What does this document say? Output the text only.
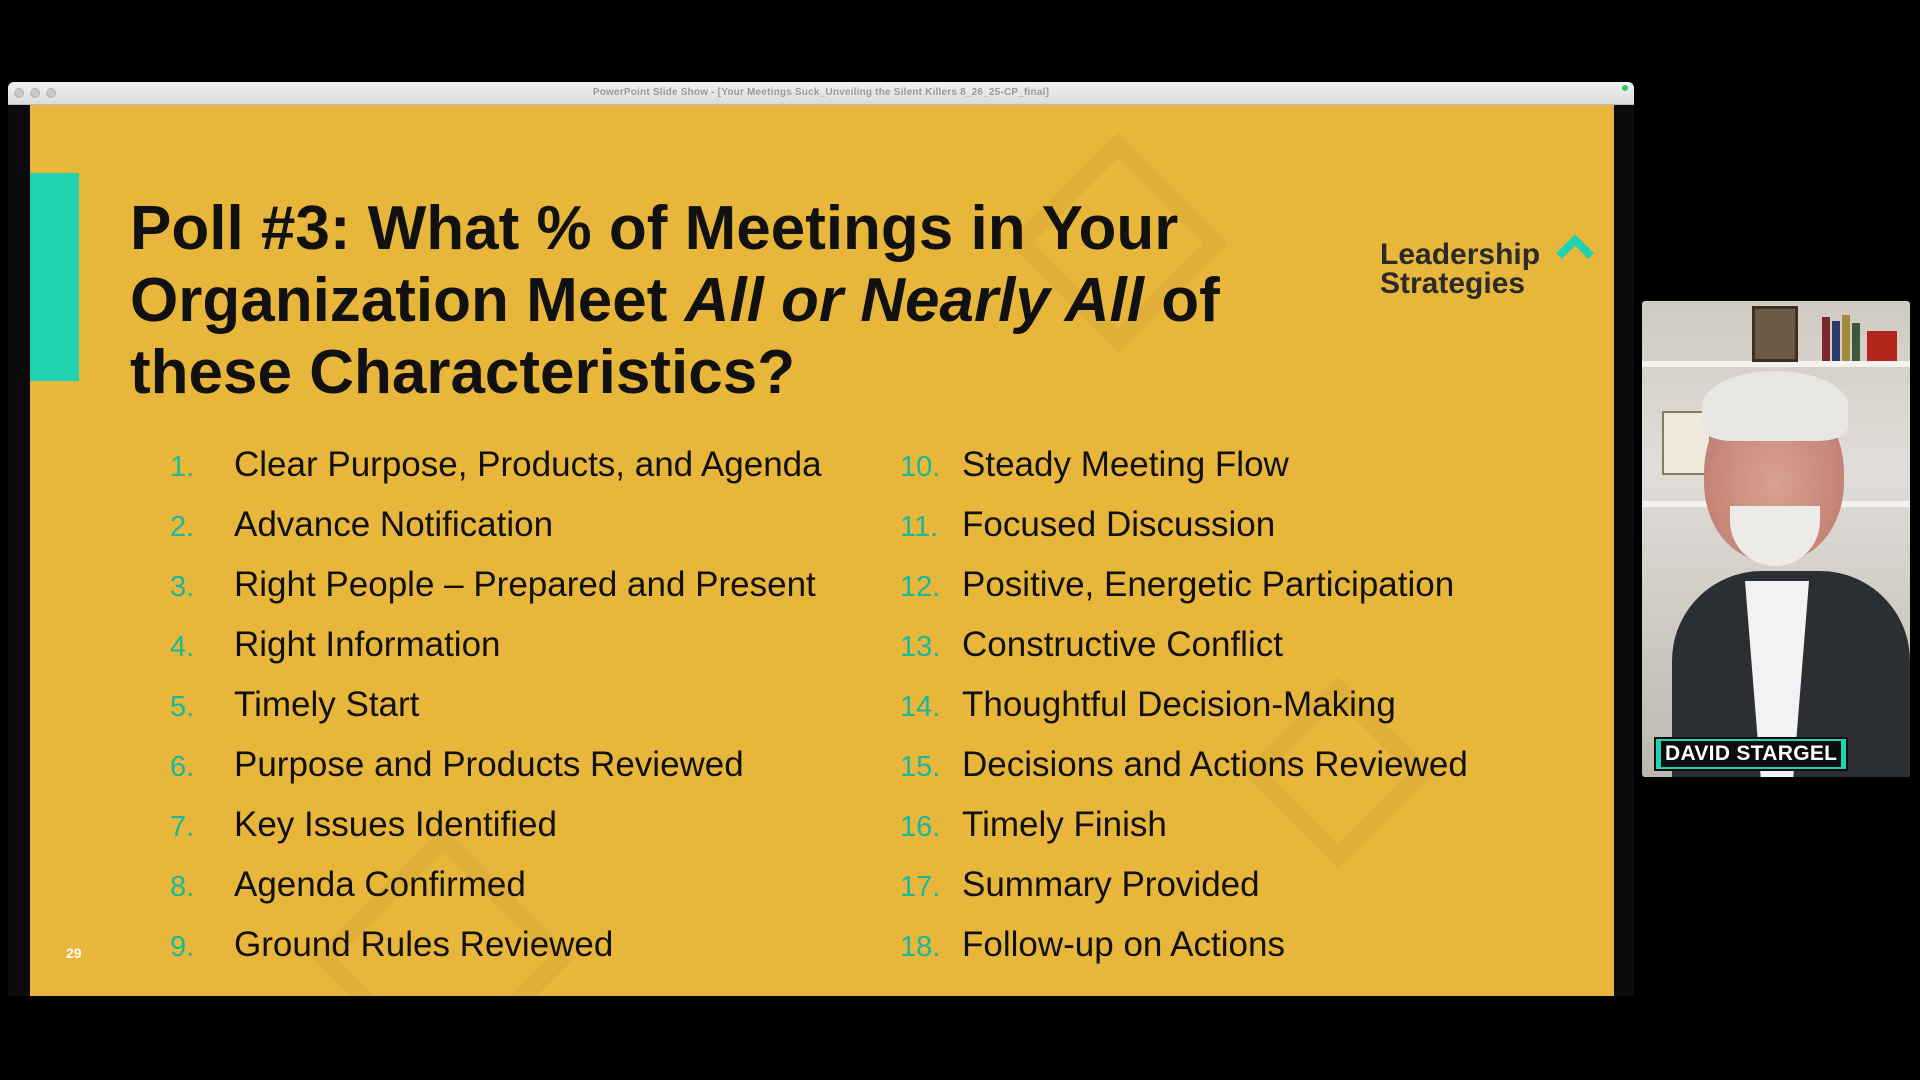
PowerPoint Slide Show - [Your Meetings Suck_Unveiling the Silent Killers 8_26_25-CP_final]
Poll #3: What % of Meetings in Your Organization Meet All or Nearly All of these Characteristics?
Leadership
Strategies
1. Clear Purpose, Products, and Agenda
2. Advance Notification
3. Right People – Prepared and Present
4. Right Information
5. Timely Start
6. Purpose and Products Reviewed
7. Key Issues Identified
8. Agenda Confirmed
9. Ground Rules Reviewed
10. Steady Meeting Flow
11. Focused Discussion
12. Positive, Energetic Participation
13. Constructive Conflict
14. Thoughtful Decision-Making
15. Decisions and Actions Reviewed
16. Timely Finish
17. Summary Provided
18. Follow-up on Actions
29
DAVID STARGEL
